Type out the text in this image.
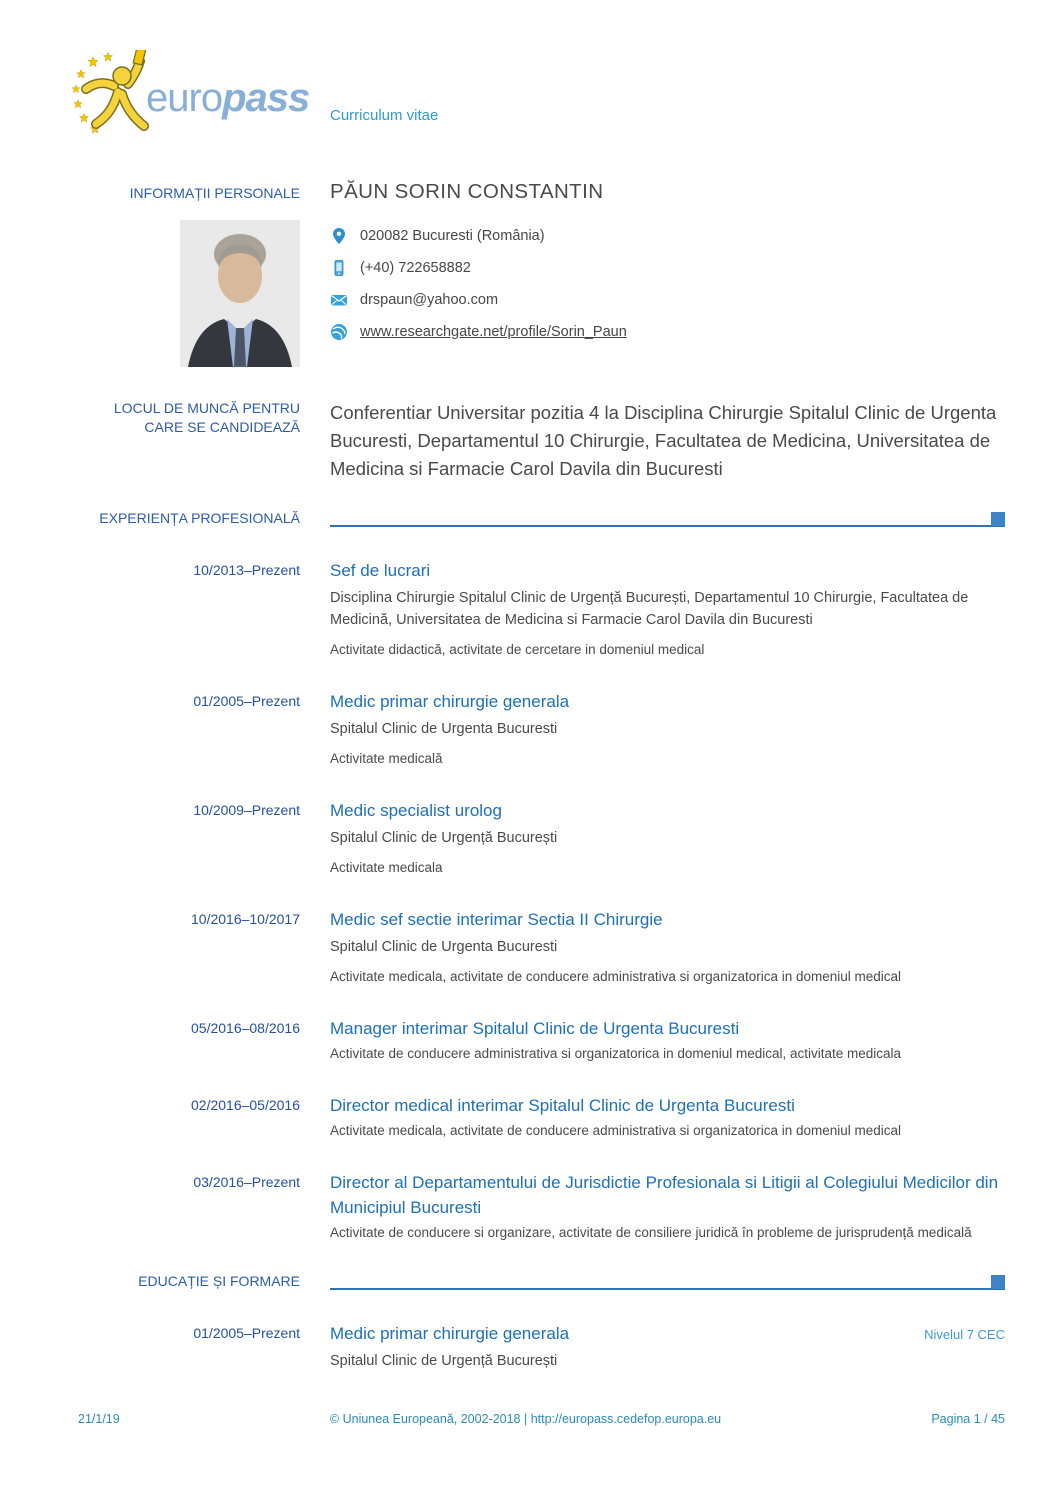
europass Curriculum vitae
INFORMAȚII PERSONALE PĂUN SORIN CONSTANTIN
020082 Bucuresti (România)
(+40) 722658882
drspaun@yahoo.com
www.researchgate.net/profile/Sorin_Paun
LOCUL DE MUNCĂ PENTRU CARE SE CANDIDEAZĂ
Conferentiar Universitar pozitia 4 la Disciplina Chirurgie Spitalul Clinic de Urgenta Bucuresti, Departamentul 10 Chirurgie, Facultatea de Medicina, Universitatea de Medicina si Farmacie Carol Davila din Bucuresti
EXPERIENȚA PROFESIONALĂ
10/2013–Prezent Sef de lucrari
Disciplina Chirurgie Spitalul Clinic de Urgență București, Departamentul 10 Chirurgie, Facultatea de Medicină, Universitatea de Medicina si Farmacie Carol Davila din Bucuresti
Activitate didactică, activitate de cercetare in domeniul medical
01/2005–Prezent Medic primar chirurgie generala
Spitalul Clinic de Urgenta Bucuresti
Activitate medicală
10/2009–Prezent Medic specialist urolog
Spitalul Clinic de Urgență București
Activitate medicala
10/2016–10/2017 Medic sef sectie interimar Sectia II Chirurgie
Spitalul Clinic de Urgenta Bucuresti
Activitate medicala, activitate de conducere administrativa si organizatorica in domeniul medical
05/2016–08/2016 Manager interimar Spitalul Clinic de Urgenta Bucuresti
Activitate de conducere administrativa si organizatorica in domeniul medical, activitate medicala
02/2016–05/2016 Director medical interimar Spitalul Clinic de Urgenta Bucuresti
Activitate medicala, activitate de conducere administrativa si organizatorica in domeniul medical
03/2016–Prezent Director al Departamentului de Jurisdictie Profesionala si Litigii al Colegiului Medicilor din Municipiul Bucuresti
Activitate de conducere si organizare, activitate de consiliere juridică în probleme de jurisprudență medicală
EDUCAȚIE ȘI FORMARE
01/2005–Prezent Medic primar chirurgie generala	Nivelul 7 CEC
Spitalul Clinic de Urgență București
21/1/19	© Uniunea Europeană, 2002-2018 | http://europass.cedefop.europa.eu	Pagina 1 / 45
